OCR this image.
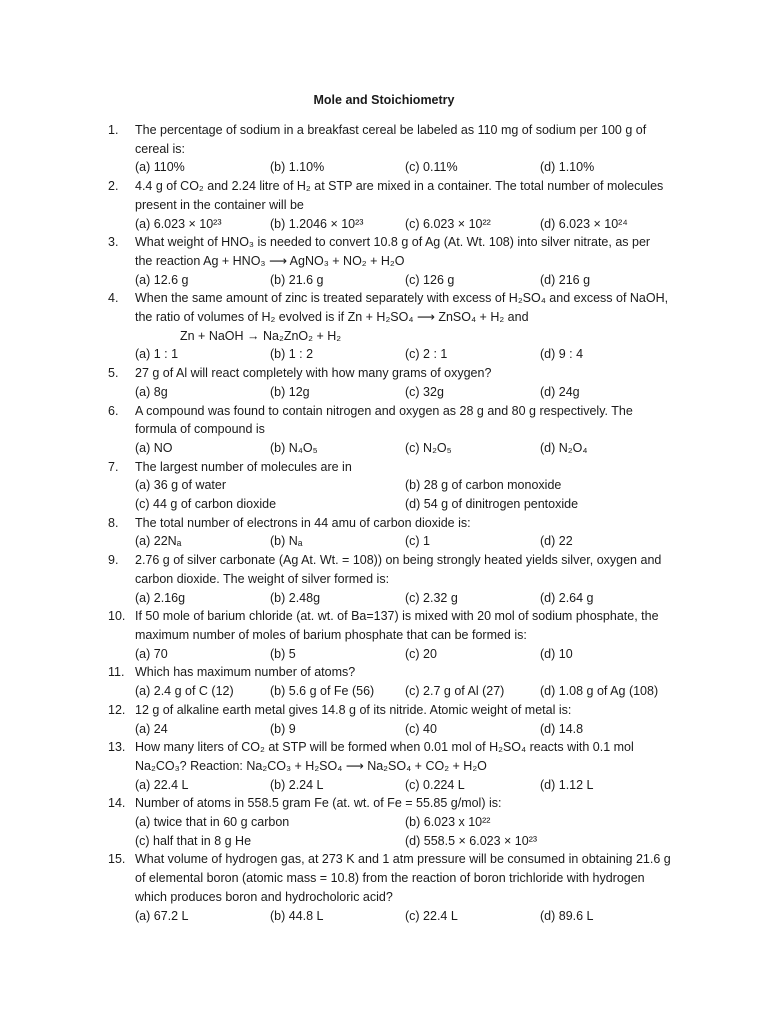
Mole and Stoichiometry
1.	The percentage of sodium in a breakfast cereal be labeled as 110 mg of sodium per 100 g of
cereal is:
(a) 110%	(b) 1.10%	(c) 0.11%	(d) 1.10%
2.	4.4 g of CO₂ and 2.24 litre of H₂ at STP are mixed in a container. The total number of molecules
present in the container will be
(a) 6.023 × 10²³	(b) 1.2046 × 10²³	(c) 6.023 × 10²²	(d) 6.023 × 10²⁴
3.	What weight of HNO₃ is needed to convert 10.8 g of Ag (At. Wt. 108) into silver nitrate, as per
the reaction Ag + HNO₃ ⟶ AgNO₃ + NO₂ + H₂O
(a) 12.6 g	(b) 21.6 g	(c) 126 g	(d) 216 g
4.	When the same amount of zinc is treated separately with excess of H₂SO₄ and excess of NaOH,
the ratio of volumes of H₂ evolved is if Zn + H₂SO₄ ⟶ ZnSO₄ + H₂ and
Zn + NaOH → Na₂ZnO₂ + H₂
(a) 1 : 1	(b) 1 : 2	(c) 2 : 1	(d) 9 : 4
5.	27 g of Al will react completely with how many grams of oxygen?
(a) 8g	(b) 12g	(c) 32g	(d) 24g
6.	A compound was found to contain nitrogen and oxygen as 28 g and 80 g respectively. The
formula of compound is
(a) NO	(b) N₄O₅	(c) N₂O₅	(d) N₂O₄
7.	The largest number of molecules are in
(a) 36 g of water	(b) 28 g of carbon monoxide
(c) 44 g of carbon dioxide	(d) 54 g of dinitrogen pentoxide
8.	The total number of electrons in 44 amu of carbon dioxide is:
(a) 22Nₐ	(b) Nₐ	(c) 1	(d) 22
9.	2.76 g of silver carbonate (Ag At. Wt. = 108)) on being strongly heated yields silver, oxygen and
carbon dioxide. The weight of silver formed is:
(a) 2.16g	(b) 2.48g	(c) 2.32 g	(d) 2.64 g
10. If 50 mole of barium chloride (at. wt. of Ba=137) is mixed with 20 mol of sodium phosphate, the
maximum number of moles of barium phosphate that can be formed is:
(a) 70	(b) 5	(c) 20	(d) 10
11. Which has maximum number of atoms?
(a) 2.4 g of C (12)	(b) 5.6 g of Fe (56)	(c) 2.7 g of Al (27)	(d) 1.08 g of Ag (108)
12. 12 g of alkaline earth metal gives 14.8 g of its nitride. Atomic weight of metal is:
(a) 24	(b) 9	(c) 40	(d) 14.8
13. How many liters of CO₂ at STP will be formed when 0.01 mol of H₂SO₄ reacts with 0.1 mol
Na₂CO₃? Reaction: Na₂CO₃ + H₂SO₄ ⟶ Na₂SO₄ + CO₂ + H₂O
(a) 22.4 L	(b) 2.24 L	(c) 0.224 L	(d) 1.12 L
14. Number of atoms in 558.5 gram Fe (at. wt. of Fe = 55.85 g/mol) is:
(a) twice that in 60 g carbon	(b) 6.023 x 10²²
(c) half that in 8 g He	(d) 558.5 × 6.023 × 10²³
15. What volume of hydrogen gas, at 273 K and 1 atm pressure will be consumed in obtaining 21.6 g
of elemental boron (atomic mass = 10.8) from the reaction of boron trichloride with hydrogen
which produces boron and hydrocholoric acid?
(a) 67.2 L	(b) 44.8 L	(c) 22.4 L	(d) 89.6 L
